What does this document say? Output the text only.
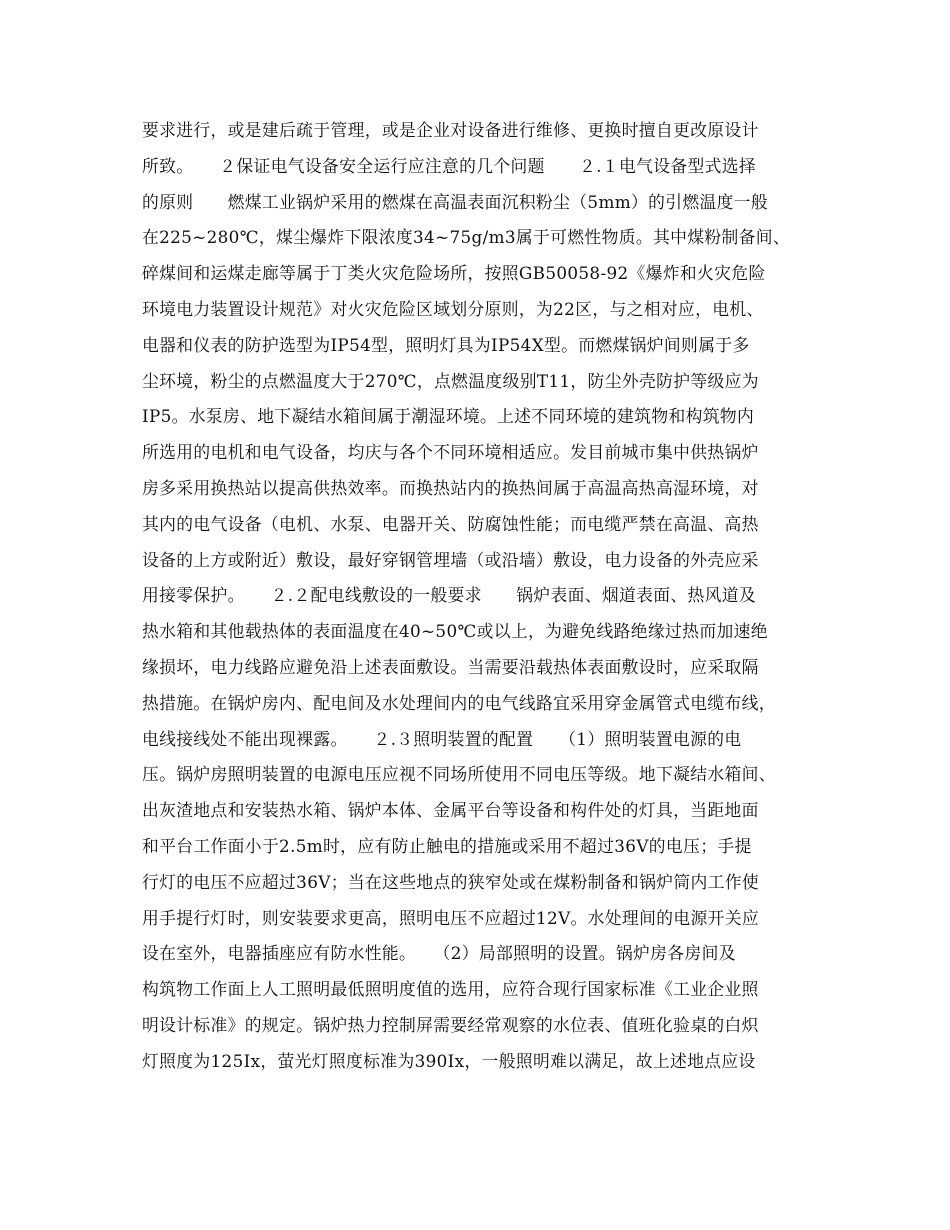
要求进行，或是建后疏于管理，或是企业对设备进行维修、更换时擅自更改原设计
所致。　　２保证电气设备安全运行应注意的几个问题　　２.１电气设备型式选择
的原则　　燃煤工业锅炉采用的燃煤在高温表面沉积粉尘（5mm）的引燃温度一般
在225~280℃，煤尘爆炸下限浓度34~75g/m3属于可燃性物质。其中煤粉制备间、
碎煤间和运煤走廊等属于丁类火灾危险场所，按照GB50058-92《爆炸和火灾危险
环境电力装置设计规范》对火灾危险区域划分原则，为22区，与之相对应，电机、
电器和仪表的防护选型为IP54型，照明灯具为IP54X型。而燃煤锅炉间则属于多
尘环境，粉尘的点燃温度大于270℃，点燃温度级别T11，防尘外壳防护等级应为
IP5。水泵房、地下凝结水箱间属于潮湿环境。上述不同环境的建筑物和构筑物内
所选用的电机和电气设备，均庆与各个不同环境相适应。发目前城市集中供热锅炉
房多采用换热站以提高供热效率。而换热站内的换热间属于高温高热高湿环境，对
其内的电气设备（电机、水泵、电器开关、防腐蚀性能；而电缆严禁在高温、高热
设备的上方或附近）敷设，最好穿钢管埋墙（或沿墙）敷设，电力设备的外壳应采
用接零保护。　　２.２配电线敷设的一般要求　　锅炉表面、烟道表面、热风道及
热水箱和其他载热体的表面温度在40~50℃或以上，为避免线路绝缘过热而加速绝
缘损坏，电力线路应避免沿上述表面敷设。当需要沿载热体表面敷设时，应采取隔
热措施。在锅炉房内、配电间及水处理间内的电气线路宜采用穿金属管式电缆布线，
电线接线处不能出现裸露。　　２.３照明装置的配置　　（1）照明装置电源的电
压。锅炉房照明装置的电源电压应视不同场所使用不同电压等级。地下凝结水箱间、
出灰渣地点和安装热水箱、锅炉本体、金属平台等设备和构件处的灯具，当距地面
和平台工作面小于2.5m时，应有防止触电的措施或采用不超过36V的电压；手提
行灯的电压不应超过36V；当在这些地点的狭窄处或在煤粉制备和锅炉筒内工作使
用手提行灯时，则安装要求更高，照明电压不应超过12V。水处理间的电源开关应
设在室外，电器插座应有防水性能。　　（2）局部照明的设置。锅炉房各房间及
构筑物工作面上人工照明最低照明度值的选用，应符合现行国家标准《工业企业照
明设计标准》的规定。锅炉热力控制屏需要经常观察的水位表、值班化验桌的白炽
灯照度为125Ix，萤光灯照度标准为390Ix，一般照明难以满足，故上述地点应设
